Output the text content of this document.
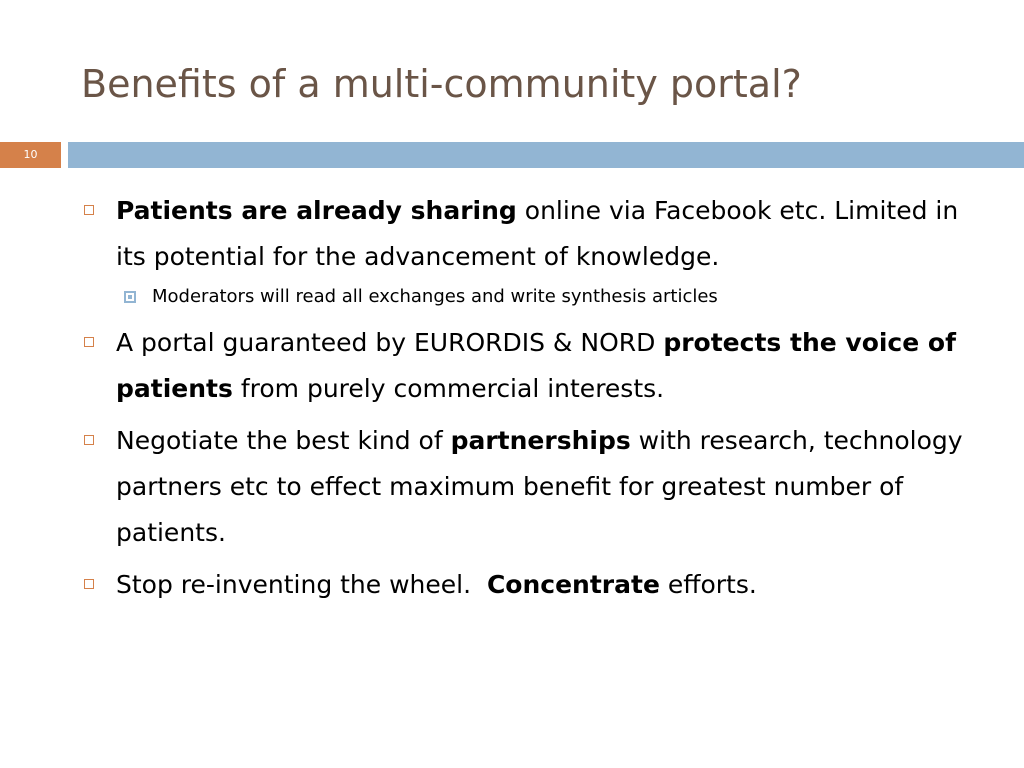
Benefits of a multi-community portal?
10
Patients are already sharing online via Facebook etc. Limited in its potential for the advancement of knowledge.
Moderators will read all exchanges and write synthesis articles
A portal guaranteed by EURORDIS & NORD protects the voice of patients from purely commercial interests.
Negotiate the best kind of partnerships with research, technology partners etc to effect maximum benefit for greatest number of patients.
Stop re-inventing the wheel.  Concentrate efforts.
